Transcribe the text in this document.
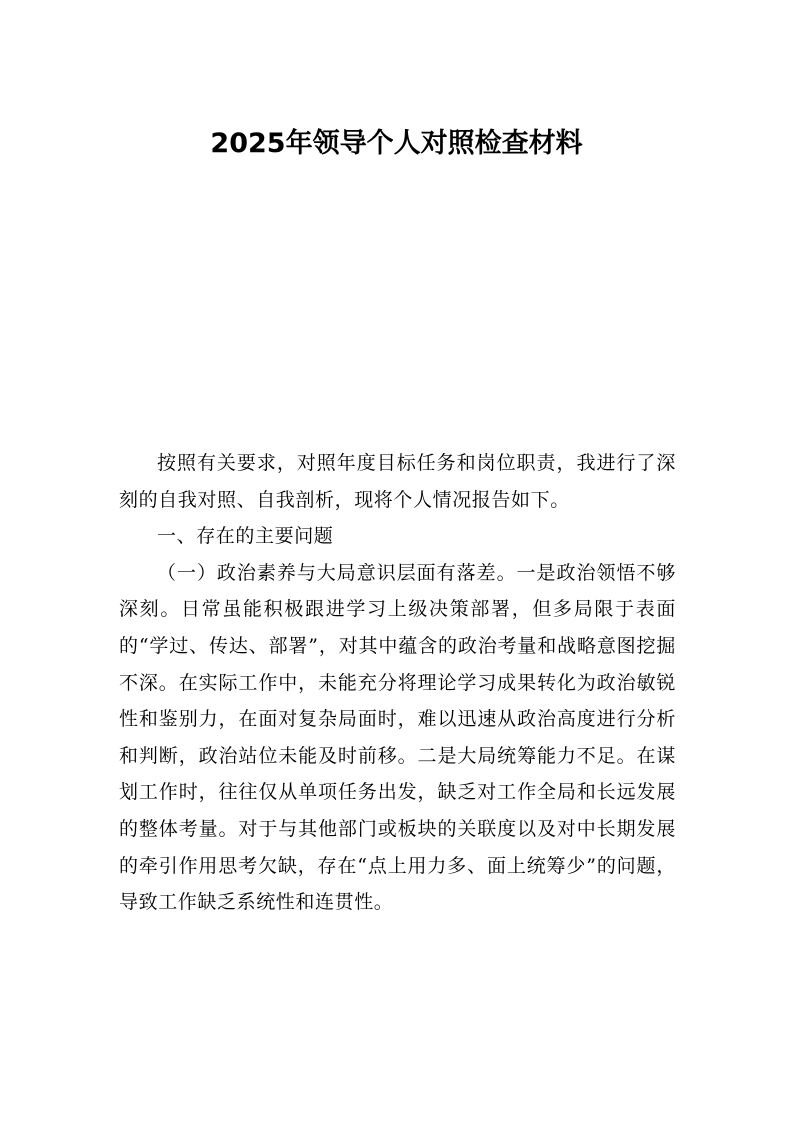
2025年领导个人对照检查材料

按照有关要求，对照年度目标任务和岗位职责，我进行了深刻的自我对照、自我剖析，现将个人情况报告如下。

一、存在的主要问题

（一）政治素养与大局意识层面有落差。一是政治领悟不够深刻。日常虽能积极跟进学习上级决策部署，但多局限于表面的“学过、传达、部署”，对其中蕴含的政治考量和战略意图挖掘不深。在实际工作中，未能充分将理论学习成果转化为政治敏锐性和鉴别力，在面对复杂局面时，难以迅速从政治高度进行分析和判断，政治站位未能及时前移。二是大局统筹能力不足。在谋划工作时，往往仅从单项任务出发，缺乏对工作全局和长远发展的整体考量。对于与其他部门或板块的关联度以及对中长期发展的牵引作用思考欠缺，存在“点上用力多、面上统筹少”的问题，导致工作缺乏系统性和连贯性。
